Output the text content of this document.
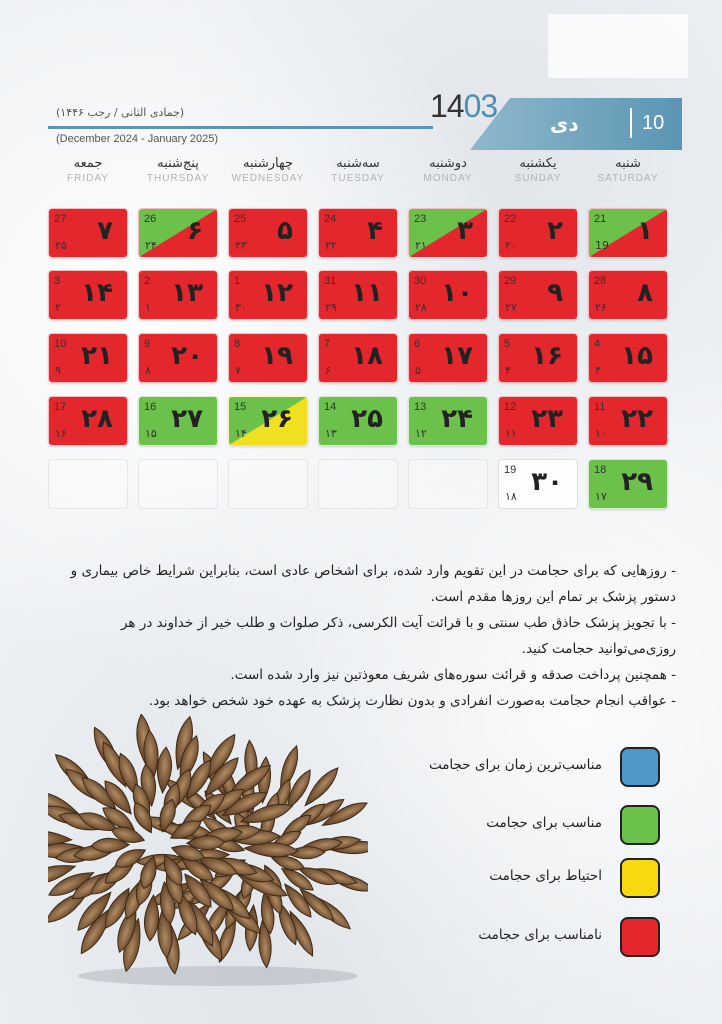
دی	10
1403
(جمادی الثانی / رجب ۱۴۴۶)
(December 2024 - January 2025)
شنبه
SATURDAY
یکشنبه
SUNDAY
دوشنبه
MONDAY
سه‌شنبه
TUESDAY
چهارشنبه
WEDNESDAY
پنج‌شنبه
THURSDAY
جمعه
FRIDAY
21
19 ۱
22
۲۰ ۲
23
۲۱ ۳
24
۲۲ ۴
25
۲۳ ۵
26
۲۴ ۶
27
۲۵ ۷
28
۲۶ ۸
29
۲۷ ۹
30
۲۸ ۱۰
31
۲۹ ۱۱
1
۳۰ ۱۲
2
۱ ۱۳
3
۲ ۱۴
4
۳ ۱۵
5
۴ ۱۶
6
۵ ۱۷
7
۶ ۱۸
8
۷ ۱۹
9
۸ ۲۰
10
۹ ۲۱
11
۱۰ ۲۲
12
۱۱ ۲۳
13
۱۲ ۲۴
14
۱۳ ۲۵
15
۱۴ ۲۶
16
۱۵ ۲۷
17
۱۶ ۲۸
18
۱۷ ۲۹
19
۱۸ ۳۰
- روزهایی که برای حجامت در این تقویم وارد شده، برای اشخاص عادی است، بنابراین شرایط خاص بیماری و دستور پزشک بر تمام این روزها مقدم است.
- با تجویز پزشک حاذق طب سنتی و با قرائت آیت الکرسی، ذکر صلوات و طلب خیر از خداوند در هر روزی‌می‌توانید حجامت کنید.
- همچنین پرداخت صدقه و قرائت سوره‌های شریف معوذتین نیز وارد شده است.
- عواقب انجام حجامت به‌صورت انفرادی و بدون نظارت پزشک به عهده خود شخص خواهد بود.
مناسب‌ترین زمان برای حجامت
مناسب برای حجامت
احتیاط برای حجامت
نامناسب برای حجامت
